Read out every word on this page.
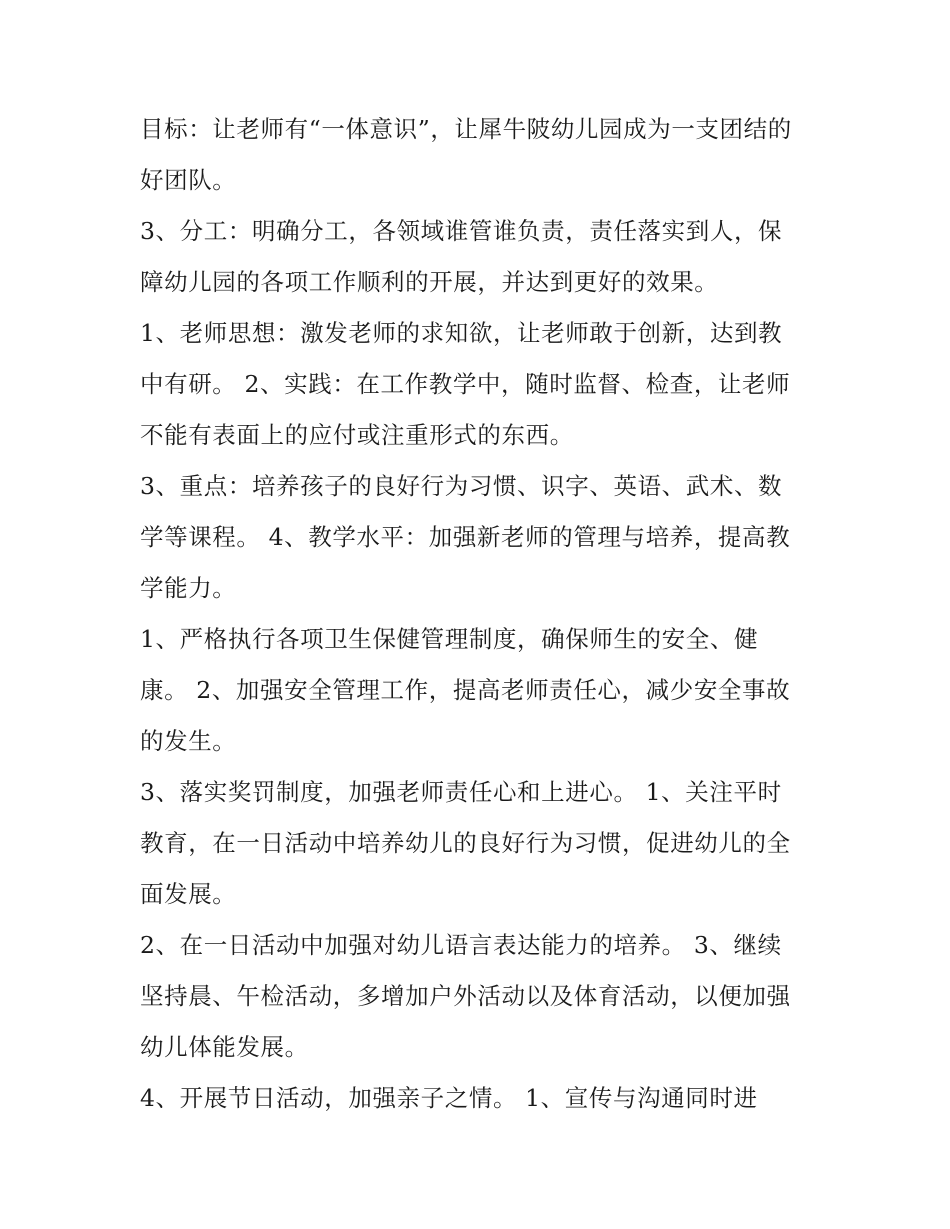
目标：让老师有“一体意识”，让犀牛陂幼儿园成为一支团结的
好团队。
3、分工：明确分工，各领域谁管谁负责，责任落实到人，保
障幼儿园的各项工作顺利的开展，并达到更好的效果。
1、老师思想：激发老师的求知欲，让老师敢于创新，达到教
中有研。 2、实践：在工作教学中，随时监督、检查，让老师
不能有表面上的应付或注重形式的东西。
3、重点：培养孩子的良好行为习惯、识字、英语、武术、数
学等课程。 4、教学水平：加强新老师的管理与培养，提高教
学能力。
1、严格执行各项卫生保健管理制度，确保师生的安全、健
康。 2、加强安全管理工作，提高老师责任心，减少安全事故
的发生。
3、落实奖罚制度，加强老师责任心和上进心。 1、关注平时
教育，在一日活动中培养幼儿的良好行为习惯，促进幼儿的全
面发展。
2、在一日活动中加强对幼儿语言表达能力的培养。 3、继续
坚持晨、午检活动，多增加户外活动以及体育活动，以便加强
幼儿体能发展。
4、开展节日活动，加强亲子之情。 1、宣传与沟通同时进
